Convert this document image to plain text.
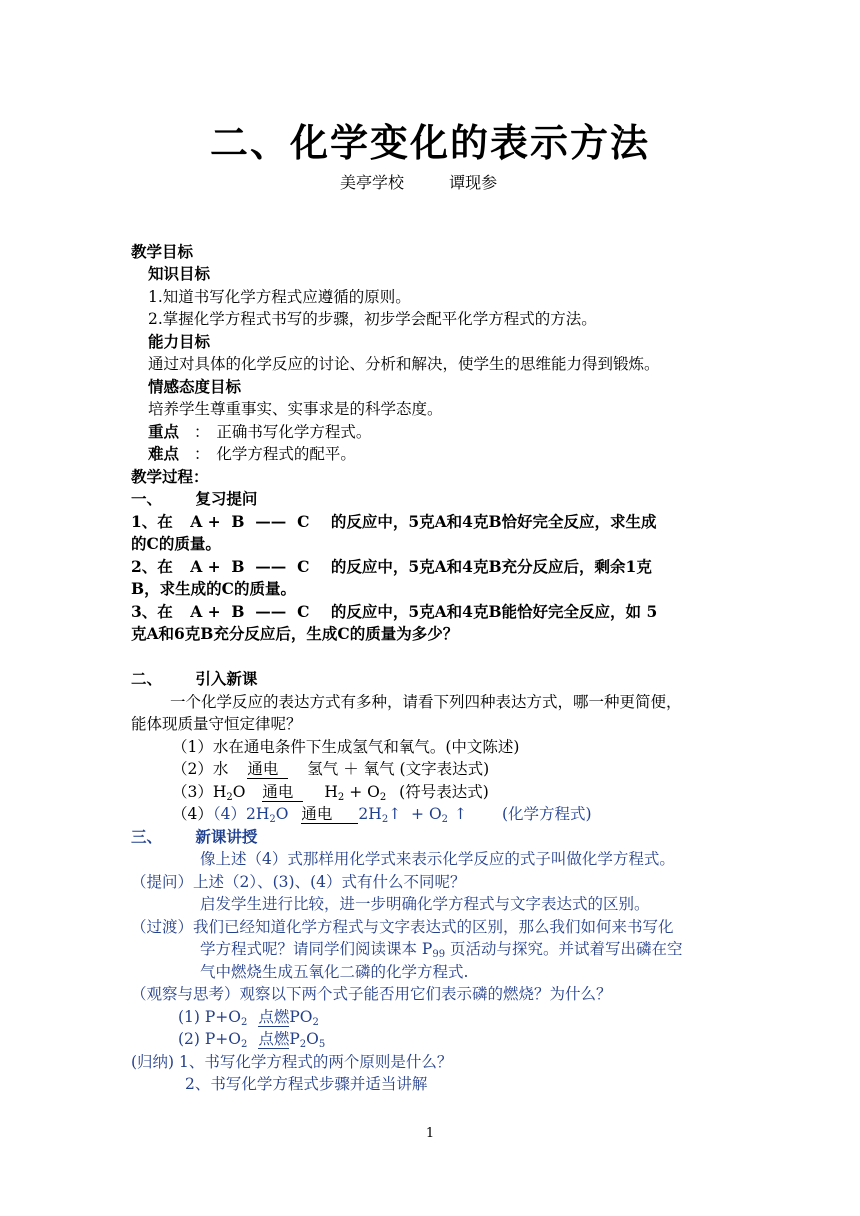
二、化学变化的表示方法
美亭学校	谭现参
教学目标
知识目标
1.知道书写化学方程式应遵循的原则。
2.掌握化学方程式书写的步骤，初步学会配平化学方程式的方法。
能力目标
通过对具体的化学反应的讨论、分析和解决，使学生的思维能力得到锻炼。
情感态度目标
培养学生尊重事实、实事求是的科学态度。
重点 ： 正确书写化学方程式。
难点 ： 化学方程式的配平。
教学过程：
一、 复习提问
1、在 A +  B  ——  C 的反应中，5克A和4克B恰好完全反应，求生成
的C的质量。
2、在 A +  B  ——  C 的反应中，5克A和4克B充分反应后，剩余1克
B，求生成的C的质量。
3、在 A +  B  ——  C 的反应中，5克A和4克B能恰好完全反应，如 5
克A和6克B充分反应后，生成C的质量为多少？
二、 引入新课
一个化学反应的表达方式有多种，请看下列四种表达方式，哪一种更简便，
能体现质量守恒定律呢？
（1）水在通电条件下生成氢气和氧气。(中文陈述)
（2）水 通电 氢气 ＋ 氧气 (文字表达式)
$(3)H_2O$ 通电 $H_2 + O_2$ (符号表达式)
$(4)(4)2H_2O$ 通电 $2H_2↑ + O_2$ ↑ (化学方程式)
三、 新课讲授
像上述（4）式那样用化学式来表示化学反应的式子叫做化学方程式。
（提问）上述（2）、(3)、(4）式有什么不同呢？
启发学生进行比较，进一步明确化学方程式与文字表达式的区别。
（过渡）我们已经知道化学方程式与文字表达式的区别，那么我们如何来书写化
学方程式呢？请同学们阅读课本 $P_{99}$ 页活动与探究。并试着写出磷在空
气中燃烧生成五氧化二磷的化学方程式.
（观察与思考）观察以下两个式子能否用它们表示磷的燃烧？为什么？
(1) $P+O_2$ 点燃$PO_2$
(2) $P+O_2$ 点燃$P_2O_5$
(归纳) 1、书写化学方程式的两个原则是什么？
2、书写化学方程式步骤并适当讲解
1
